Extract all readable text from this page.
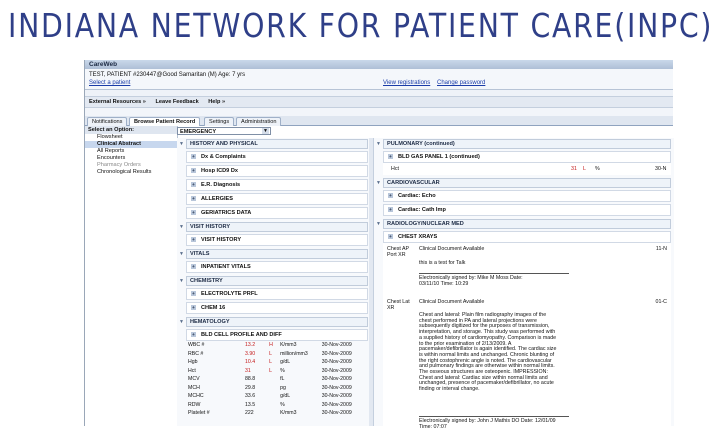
INDIANA NETWORK FOR PATIENT CARE(INPC)
CareWeb
TEST, PATIENT #230447@Good Samaritan (M) Age: 7 yrs
Select a patient	View registrations Change password
External Resources » Leave Feedback Help »
Notifications	Browse Patient Record	Settings	Administration
Select an Option:
Flowsheet
Clinical Abstract
All Reports
Encounters
Pharmacy Orders
Chronological Results
EMERGENCY	▼
▼ HISTORY AND PHYSICAL
+ Dx & Complaints
+ Hosp ICD9 Dx
+ E.R. Diagnosis
+ ALLERGIES
+ GERIATRICS DATA
▼ VISIT HISTORY
+ VISIT HISTORY
▼ VITALS
+ INPATIENT VITALS
▼ CHEMISTRY
+ ELECTROLYTE PRFL
+ CHEM 16
▼ HEMATOLOGY
+ BLD CELL PROFILE AND DIFF
WBC #	13.2	H	K/mm3	30-Nov-2009
RBC #	3.90	L	million/mm3	30-Nov-2009
Hgb	10.4	L	g/dL	30-Nov-2009
Hct	31	L	%	30-Nov-2009
MCV	88.8		fL	30-Nov-2009
MCH	29.8		pg	30-Nov-2009
MCHC	33.6		g/dL	30-Nov-2009
RDW	13.5		%	30-Nov-2009
Platelet #	222		K/mm3	30-Nov-2009
▼ PULMONARY (continued)
+ BLD GAS PANEL 1 (continued)
Hct	31 L %	30-N
▼ CARDIOVASCULAR
+ Cardiac: Echo
+ Cardiac: Cath Imp
▼ RADIOLOGY/NUCLEAR MED
+ CHEST XRAYS
Chest AP Port XR
Clinical Document Available	11-N
this is a test for Talk
Electronically signed by: Mike M Moss Date: 03/11/10 Time: 10:29
Chest Lat XR
Clinical Document Available	01-C
Chest and lateral: Plain film radiography images of the chest performed in PA and lateral projections were subsequently digitized for the purposes of transmission, interpretation, and storage. This study was performed with a supplied history of cardiomyopathy. Comparison is made to the prior examination of 2/13/2009. A pacemaker/defibrillator is again identified. The cardiac size is within normal limits and unchanged. Chronic blunting of the right costophrenic angle is noted. The cardiovascular and pulmonary findings are otherwise within normal limits. The osseous structures are osteopenic. IMPRESSION: Chest and lateral: Cardiac size within normal limits and unchanged, presence of pacemaker/defibrillator, no acute finding or interval change.
Electronically signed by: John J Mathis DO Date: 12/01/09 Time: 07:07
